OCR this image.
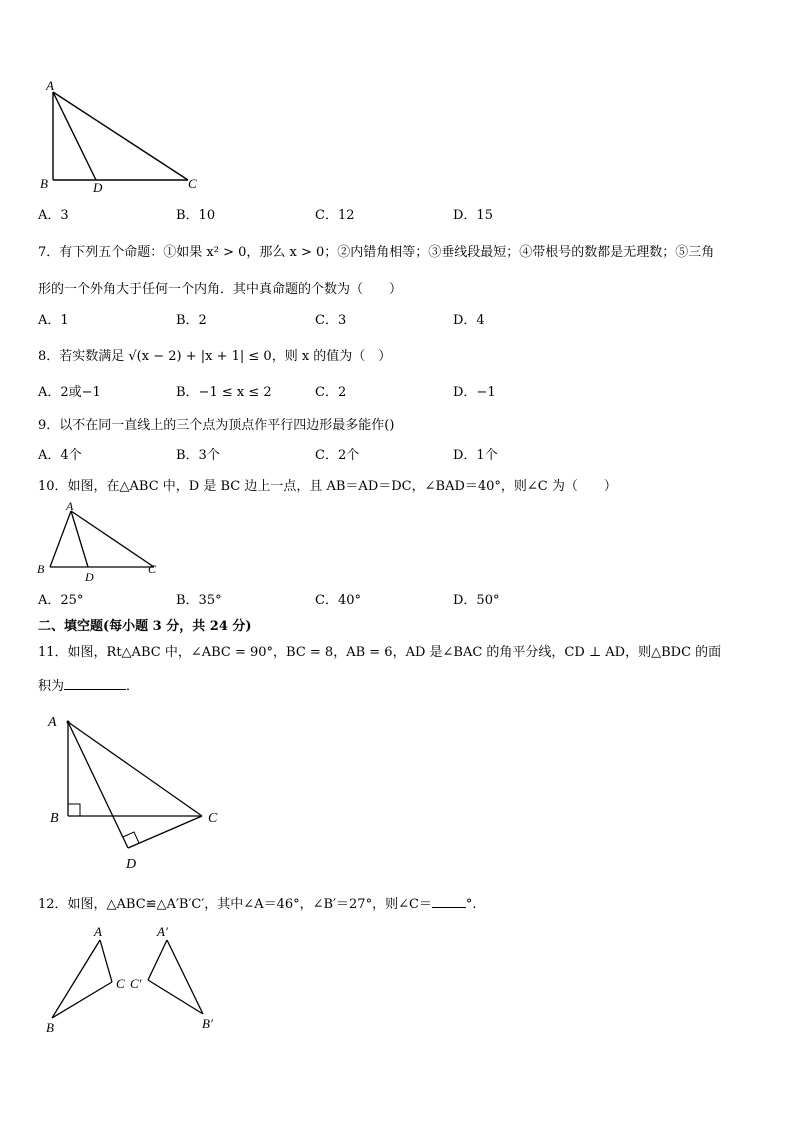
A
B	D	C
A．3	B．10	C．12	D．15
7．有下列五个命题：①如果 x² > 0，那么 x > 0；②内错角相等；③垂线段最短；④带根号的数都是无理数；⑤三角
形的一个外角大于任何一个内角．其中真命题的个数为（　　）
A．1	B．2	C．3	D．4
8．若实数满足 √(x − 2) + |x + 1| ≤ 0，则 x 的值为（　）
A．2或−1	B．−1 ≤ x ≤ 2	C．2	D．−1
9．以不在同一直线上的三个点为顶点作平行四边形最多能作()
A．4个	B．3个	C．2个	D．1个
10．如图，在△ABC 中，D 是 BC 边上一点，且 AB＝AD＝DC，∠BAD＝40°，则∠C 为（　　）
A
B
D
C
A．25°	B．35°	C．40°	D．50°
二、填空题(每小题 3 分，共 24 分)
11．如图，Rt△ABC 中，∠ABC = 90°，BC = 8，AB = 6，AD 是∠BAC 的角平分线，CD ⊥ AD，则△BDC 的面
积为	．
A
B	C
D
12．如图，△ABC≌△A′B′C′，其中∠A＝46°，∠B′＝27°，则∠C＝	°.
A
C
B
A′
C′
B′
